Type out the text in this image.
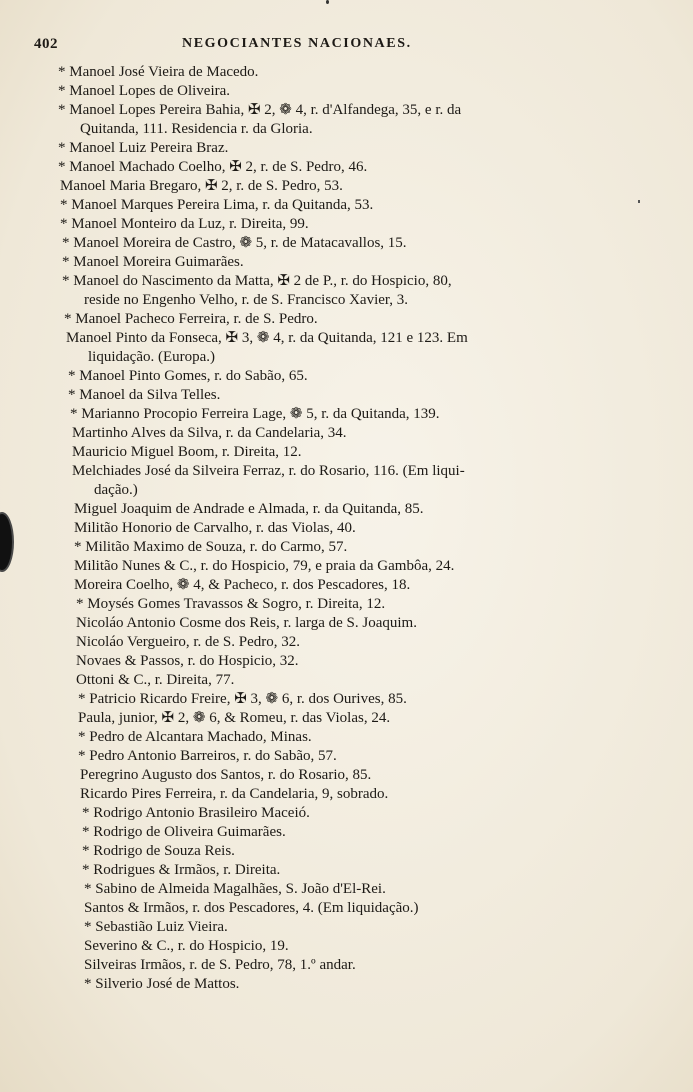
402	NEGOCIANTES NACIONAES.
* Manoel José Vieira de Macedo.
* Manoel Lopes de Oliveira.
* Manoel Lopes Pereira Bahia, ✠ 2, ❁ 4, r. d'Alfandega, 35, e r. da
Quitanda, 111. Residencia r. da Gloria.
* Manoel Luiz Pereira Braz.
* Manoel Machado Coelho, ✠ 2, r. de S. Pedro, 46.
Manoel Maria Bregaro, ✠ 2, r. de S. Pedro, 53.
* Manoel Marques Pereira Lima, r. da Quitanda, 53.
* Manoel Monteiro da Luz, r. Direita, 99.
* Manoel Moreira de Castro, ❁ 5, r. de Matacavallos, 15.
* Manoel Moreira Guimarães.
* Manoel do Nascimento da Matta, ✠ 2 de P., r. do Hospicio, 80,
reside no Engenho Velho, r. de S. Francisco Xavier, 3.
* Manoel Pacheco Ferreira, r. de S. Pedro.
Manoel Pinto da Fonseca, ✠ 3, ❁ 4, r. da Quitanda, 121 e 123. Em
liquidação. (Europa.)
* Manoel Pinto Gomes, r. do Sabão, 65.
* Manoel da Silva Telles.
* Marianno Procopio Ferreira Lage, ❁ 5, r. da Quitanda, 139.
Martinho Alves da Silva, r. da Candelaria, 34.
Mauricio Miguel Boom, r. Direita, 12.
Melchiades José da Silveira Ferraz, r. do Rosario, 116. (Em liqui-
dação.)
Miguel Joaquim de Andrade e Almada, r. da Quitanda, 85.
Militão Honorio de Carvalho, r. das Violas, 40.
* Militão Maximo de Souza, r. do Carmo, 57.
Militão Nunes & C., r. do Hospicio, 79, e praia da Gambôa, 24.
Moreira Coelho, ❁ 4, & Pacheco, r. dos Pescadores, 18.
* Moysés Gomes Travassos & Sogro, r. Direita, 12.
Nicoláo Antonio Cosme dos Reis, r. larga de S. Joaquim.
Nicoláo Vergueiro, r. de S. Pedro, 32.
Novaes & Passos, r. do Hospicio, 32.
Ottoni & C., r. Direita, 77.
* Patricio Ricardo Freire, ✠ 3, ❁ 6, r. dos Ourives, 85.
Paula, junior, ✠ 2, ❁ 6, & Romeu, r. das Violas, 24.
* Pedro de Alcantara Machado, Minas.
* Pedro Antonio Barreiros, r. do Sabão, 57.
Peregrino Augusto dos Santos, r. do Rosario, 85.
Ricardo Pires Ferreira, r. da Candelaria, 9, sobrado.
* Rodrigo Antonio Brasileiro Maceió.
* Rodrigo de Oliveira Guimarães.
* Rodrigo de Souza Reis.
* Rodrigues & Irmãos, r. Direita.
* Sabino de Almeida Magalhães, S. João d'El-Rei.
Santos & Irmãos, r. dos Pescadores, 4. (Em liquidação.)
* Sebastião Luiz Vieira.
Severino & C., r. do Hospicio, 19.
Silveiras Irmãos, r. de S. Pedro, 78, 1.º andar.
* Silverio José de Mattos.
